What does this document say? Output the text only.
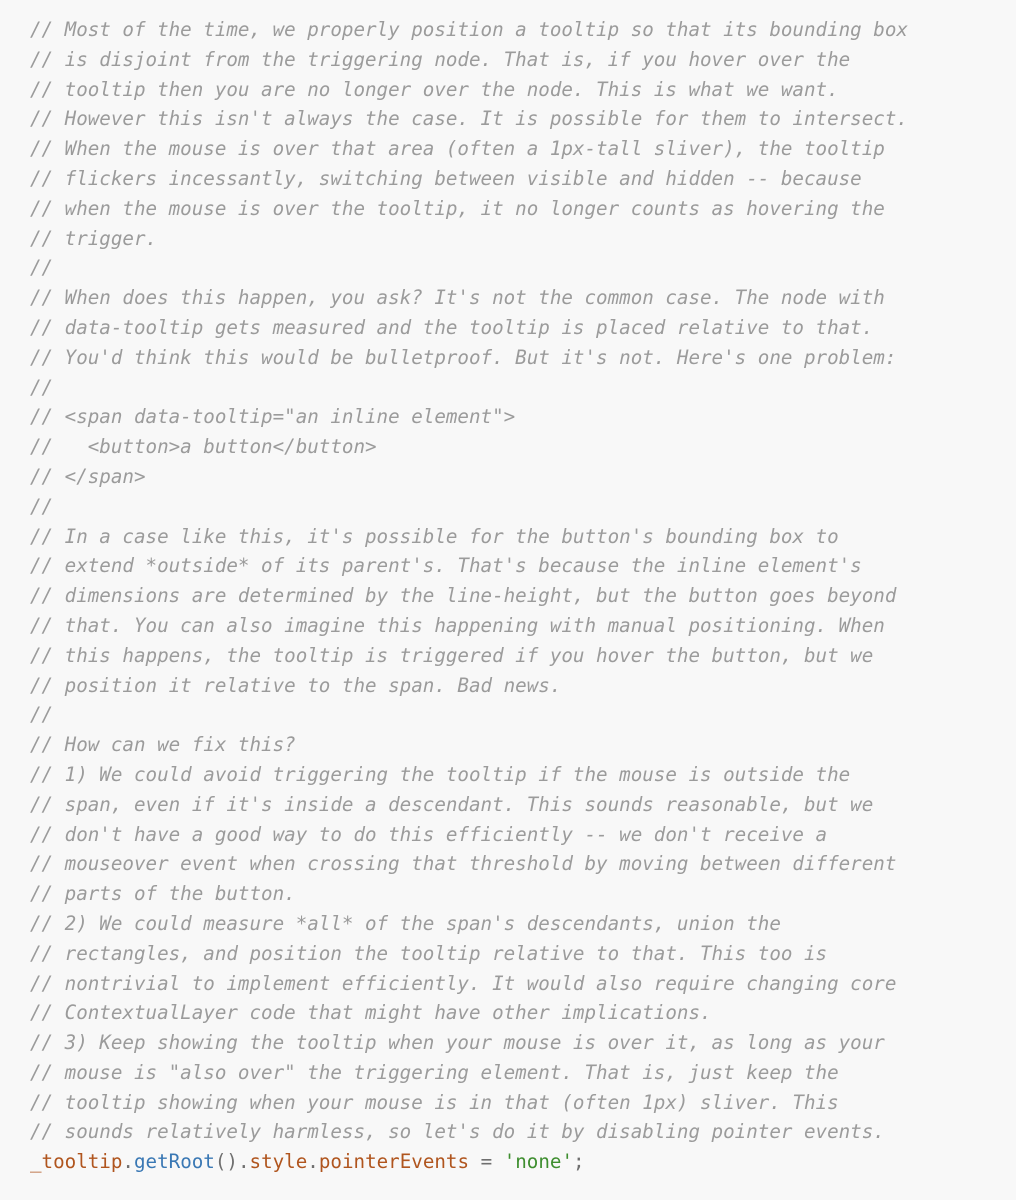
// Most of the time, we properly position a tooltip so that its bounding box
// is disjoint from the triggering node. That is, if you hover over the
// tooltip then you are no longer over the node. This is what we want.
// However this isn't always the case. It is possible for them to intersect.
// When the mouse is over that area (often a 1px-tall sliver), the tooltip
// flickers incessantly, switching between visible and hidden -- because
// when the mouse is over the tooltip, it no longer counts as hovering the
// trigger.
//
// When does this happen, you ask? It's not the common case. The node with
// data-tooltip gets measured and the tooltip is placed relative to that.
// You'd think this would be bulletproof. But it's not. Here's one problem:
//
// <span data-tooltip="an inline element">
//   <button>a button</button>
// </span>
//
// In a case like this, it's possible for the button's bounding box to
// extend *outside* of its parent's. That's because the inline element's
// dimensions are determined by the line-height, but the button goes beyond
// that. You can also imagine this happening with manual positioning. When
// this happens, the tooltip is triggered if you hover the button, but we
// position it relative to the span. Bad news.
//
// How can we fix this?
// 1) We could avoid triggering the tooltip if the mouse is outside the
// span, even if it's inside a descendant. This sounds reasonable, but we
// don't have a good way to do this efficiently -- we don't receive a
// mouseover event when crossing that threshold by moving between different
// parts of the button.
// 2) We could measure *all* of the span's descendants, union the
// rectangles, and position the tooltip relative to that. This too is
// nontrivial to implement efficiently. It would also require changing core
// ContextualLayer code that might have other implications.
// 3) Keep showing the tooltip when your mouse is over it, as long as your
// mouse is "also over" the triggering element. That is, just keep the
// tooltip showing when your mouse is in that (often 1px) sliver. This
// sounds relatively harmless, so let's do it by disabling pointer events.
_tooltip.getRoot().style.pointerEvents = 'none';
